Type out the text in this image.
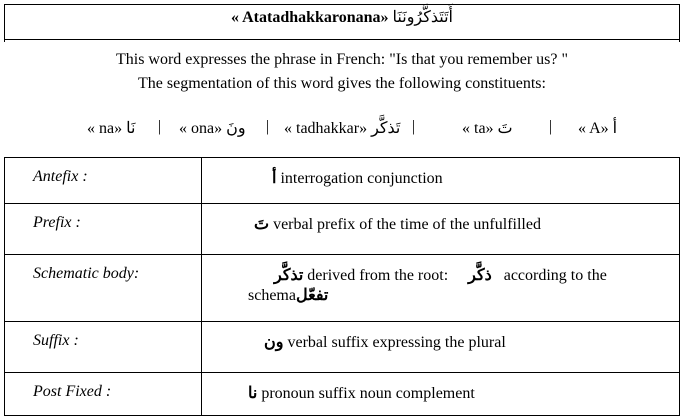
« Atatadhakkaronana» أَتَتَذكَّرُونَنَا
This word expresses the phrase in French: "Is that you remember us? "
The segmentation of this word gives the following constituents:
« na» نَا | « ona» ونَ | « tadhakkar» تَذكَّر |	« ta» تَ | « A» أ
Antefix :	أ interrogation conjunction

Prefix :	تَ verbal prefix of the time of the unfulfilled

Schematic body:	تذكَّر derived from the root:     ذكَّر   according to the
schemaتفعّل

Suffix :	ون verbal suffix expressing the plural

Post Fixed :	نا pronoun suffix noun complement
